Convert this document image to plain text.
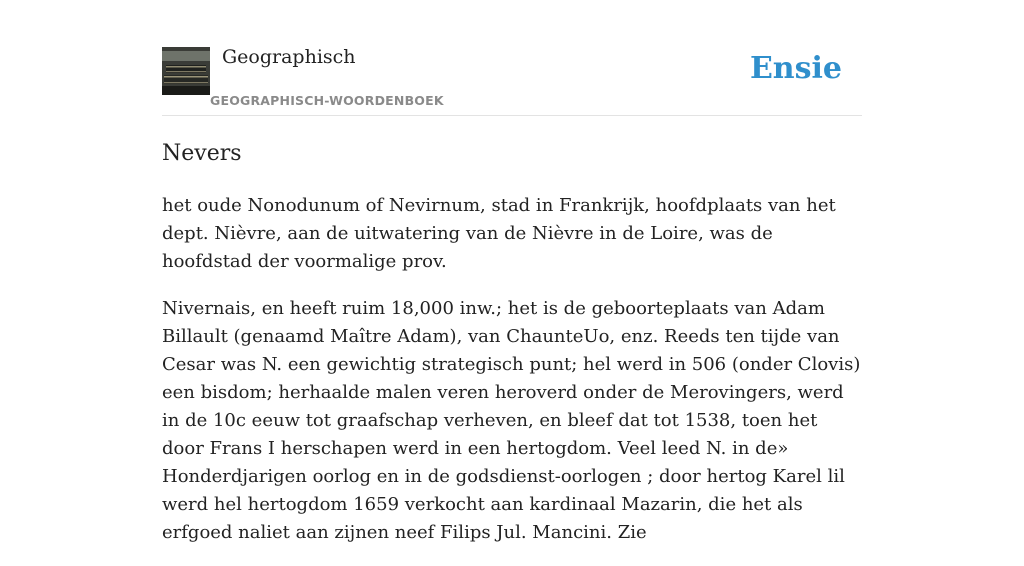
Geographisch
GEOGRAPHISCH-WOORDENBOEK
Ensie
Nevers

het oude Nonodunum of Nevirnum, stad in Frankrijk, hoofdplaats van het dept. Nièvre, aan de uitwatering van de Nièvre in de Loire, was de hoofdstad der voormalige prov.

Nivernais, en heeft ruim 18,000 inw.; het is de geboorteplaats van Adam Billault (genaamd Maître Adam), van ChaunteUo, enz. Reeds ten tijde van Cesar was N. een gewichtig strategisch punt; hel werd in 506 (onder Clovis) een bisdom; herhaalde malen veren heroverd onder de Merovingers, werd in de 10c eeuw tot graafschap verheven, en bleef dat tot 1538, toen het door Frans I herschapen werd in een hertogdom. Veel leed N. in de» Honderdjarigen oorlog en in de godsdienst-oorlogen ; door hertog Karel lil werd hel hertogdom 1659 verkocht aan kardinaal Mazarin, die het als erfgoed naliet aan zijnen neef Filips Jul. Mancini. Zie
